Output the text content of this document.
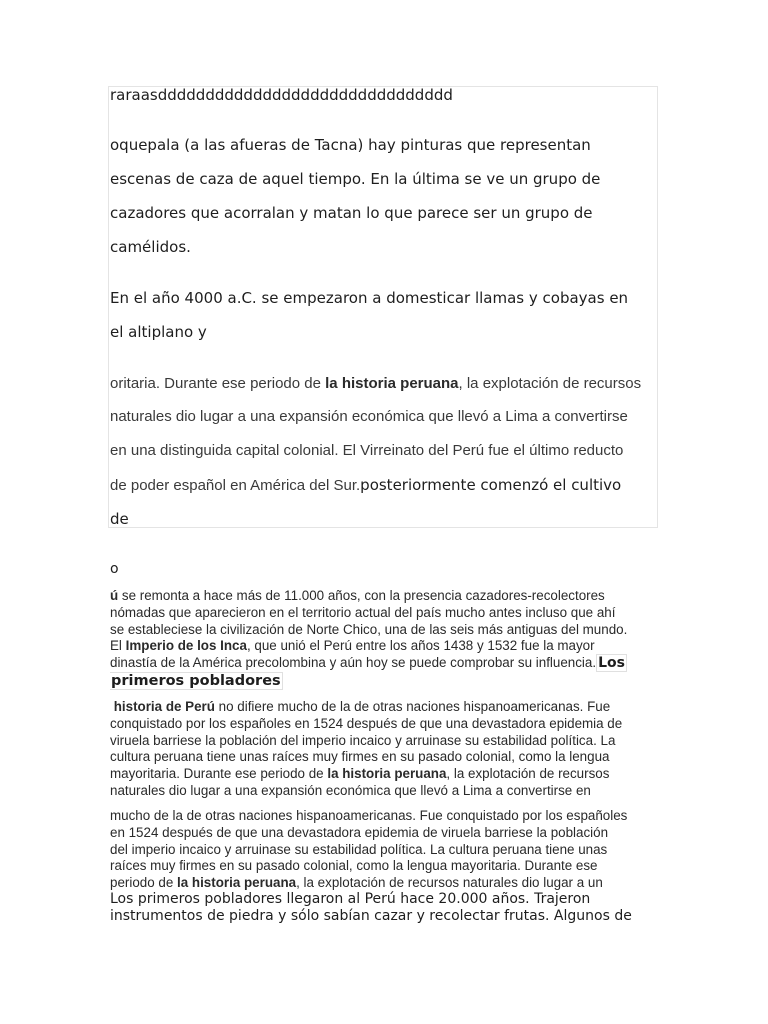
raraasddddddddddddddddddddddddddddddd

oquepala (a las afueras de Tacna) hay pinturas que representan

escenas de caza de aquel tiempo. En la última se ve un grupo de

cazadores que acorralan y matan lo que parece ser un grupo de

camélidos.

En el año 4000 a.C. se empezaron a domesticar llamas y cobayas en

el altiplano y

oritaria. Durante ese periodo de la historia peruana, la explotación de recursos

naturales dio lugar a una expansión económica que llevó a Lima a convertirse

en una distinguida capital colonial. El Virreinato del Perú fue el último reducto

de poder español en América del Sur.posteriormente comenzó el cultivo

de

o

ú se remonta a hace más de 11.000 años, con la presencia cazadores-recolectores
nómadas que aparecieron en el territorio actual del país mucho antes incluso que ahí
se estableciese la civilización de Norte Chico, una de las seis más antiguas del mundo.
El Imperio de los Inca, que unió el Perú entre los años 1438 y 1532 fue la mayor
dinastía de la América precolombina y aún hoy se puede comprobar su influencia. Los

primeros pobladores

historia de Perú no difiere mucho de la de otras naciones hispanoamericanas. Fue
conquistado por los españoles en 1524 después de que una devastadora epidemia de
viruela barriese la población del imperio incaico y arruinase su estabilidad política. La
cultura peruana tiene unas raíces muy firmes en su pasado colonial, como la lengua
mayoritaria. Durante ese periodo de la historia peruana, la explotación de recursos
naturales dio lugar a una expansión económica que llevó a Lima a convertirse en
mucho de la de otras naciones hispanoamericanas. Fue conquistado por los españoles
en 1524 después de que una devastadora epidemia de viruela barriese la población
del imperio incaico y arruinase su estabilidad política. La cultura peruana tiene unas
raíces muy firmes en su pasado colonial, como la lengua mayoritaria. Durante ese
periodo de la historia peruana, la explotación de recursos naturales dio lugar a un
Los primeros pobladores llegaron al Perú hace 20.000 años. Trajeron
instrumentos de piedra y sólo sabían cazar y recolectar frutas. Algunos de
